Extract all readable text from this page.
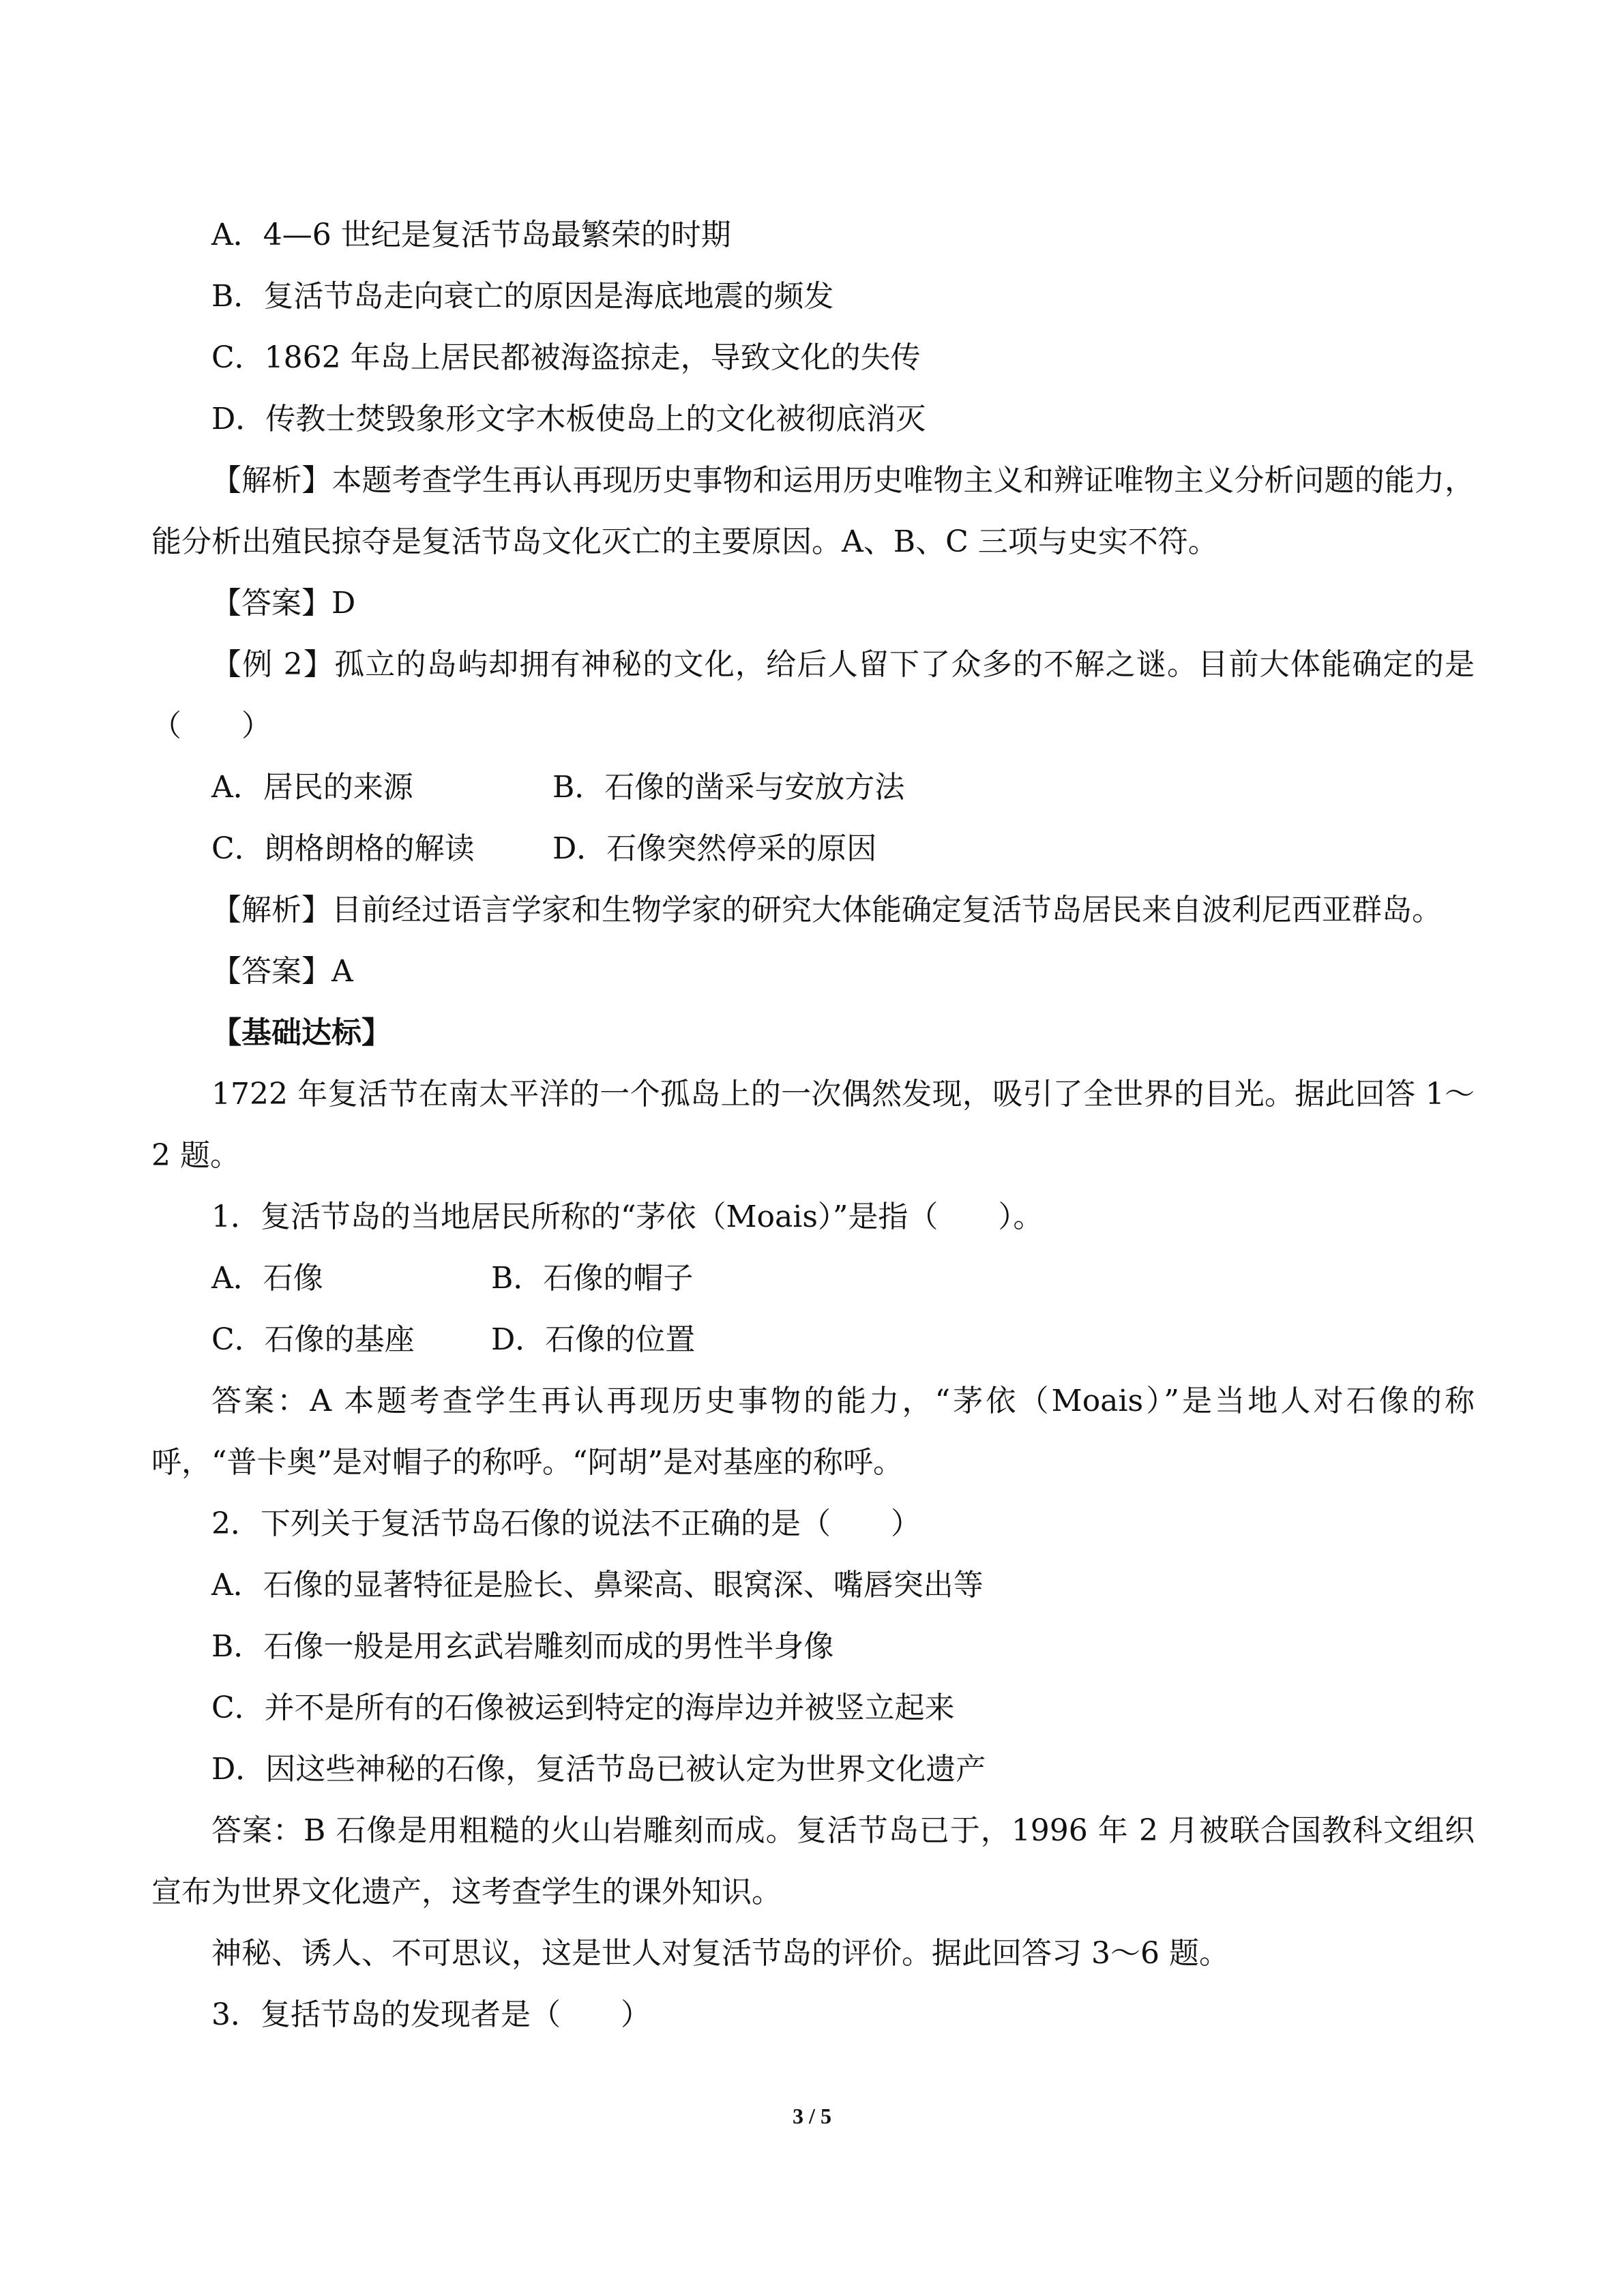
A．4—6 世纪是复活节岛最繁荣的时期

B．复活节岛走向衰亡的原因是海底地震的频发

C．1862 年岛上居民都被海盗掠走，导致文化的失传

D．传教士焚毁象形文字木板使岛上的文化被彻底消灭

【解析】本题考查学生再认再现历史事物和运用历史唯物主义和辨证唯物主义分析问题的能力，能分析出殖民掠夺是复活节岛文化灭亡的主要原因。A、B、C 三项与史实不符。

【答案】D

【例 2】孤立的岛屿却拥有神秘的文化，给后人留下了众多的不解之谜。目前大体能确定的是（　　）

A．居民的来源	B．石像的凿采与安放方法

C．朗格朗格的解读	D．石像突然停采的原因

【解析】目前经过语言学家和生物学家的研究大体能确定复活节岛居民来自波利尼西亚群岛。

【答案】A

【基础达标】

1722 年复活节在南太平洋的一个孤岛上的一次偶然发现，吸引了全世界的目光。据此回答 1～2 题。

1．复活节岛的当地居民所称的“茅依（Moais）”是指（　　）。

A．石像	B．石像的帽子

C．石像的基座	D．石像的位置

答案：A 本题考查学生再认再现历史事物的能力，“茅依（Moais）”是当地人对石像的称呼，“普卡奥”是对帽子的称呼。“阿胡”是对基座的称呼。

2．下列关于复活节岛石像的说法不正确的是（　　）

A．石像的显著特征是脸长、鼻梁高、眼窝深、嘴唇突出等

B．石像一般是用玄武岩雕刻而成的男性半身像

C．并不是所有的石像被运到特定的海岸边并被竖立起来

D．因这些神秘的石像，复活节岛已被认定为世界文化遗产

答案：B 石像是用粗糙的火山岩雕刻而成。复活节岛已于，1996 年 2 月被联合国教科文组织宣布为世界文化遗产，这考查学生的课外知识。

神秘、诱人、不可思议，这是世人对复活节岛的评价。据此回答习 3～6 题。

3．复括节岛的发现者是（　　）

3 / 5
